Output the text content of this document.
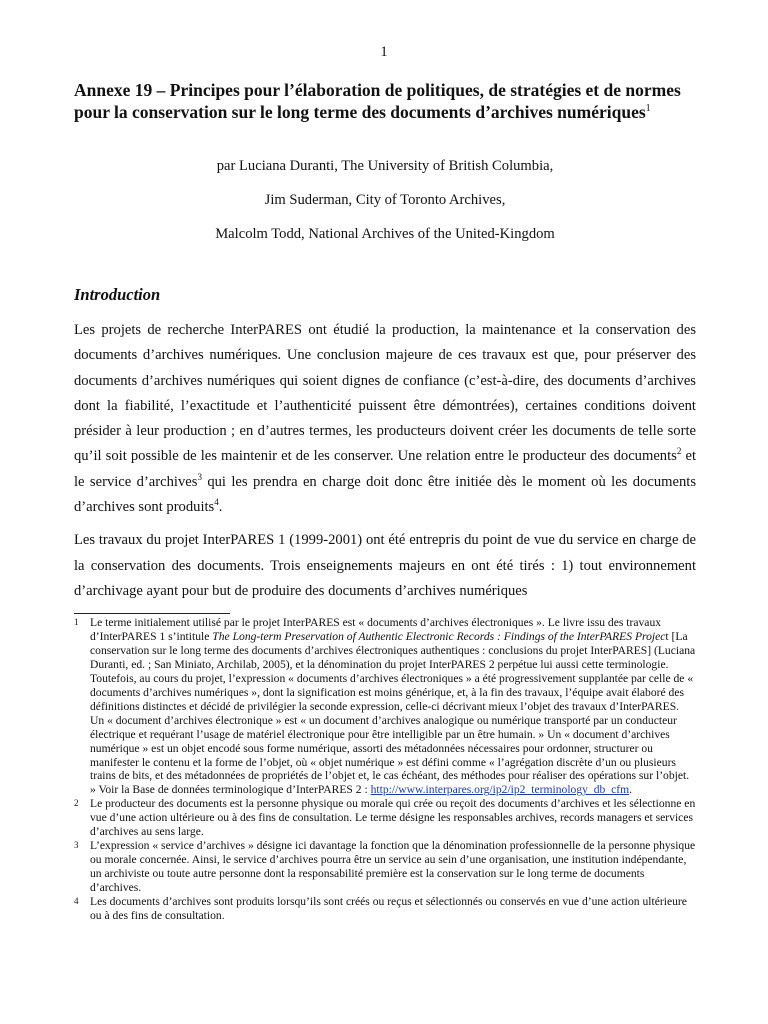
1
Annexe 19 – Principes pour l’élaboration de politiques, de stratégies et de normes pour la conservation sur le long terme des documents d’archives numériques$^1$
par Luciana Duranti, The University of British Columbia,
Jim Suderman, City of Toronto Archives,
Malcolm Todd, National Archives of the United-Kingdom
Introduction

Les projets de recherche InterPARES ont étudié la production, la maintenance et la conservation des documents d’archives numériques. Une conclusion majeure de ces travaux est que, pour préserver des documents d’archives numériques qui soient dignes de confiance (c’est-à-dire, des documents d’archives dont la fiabilité, l’exactitude et l’authenticité puissent être démontrées), certaines conditions doivent présider à leur production ; en d’autres termes, les producteurs doivent créer les documents de telle sorte qu’il soit possible de les maintenir et de les conserver. Une relation entre le producteur des documents$^2$ et le service d’archives$^3$ qui les prendra en charge doit donc être initiée dès le moment où les documents d’archives sont produits$^4$.

Les travaux du projet InterPARES 1 (1999-2001) ont été entrepris du point de vue du service en charge de la conservation des documents. Trois enseignements majeurs en ont été tirés : 1) tout environnement d’archivage ayant pour but de produire des documents d’archives numériques

1 Le terme initialement utilisé par le projet InterPARES est « documents d’archives électroniques ». Le livre issu des travaux d’InterPARES 1 s’intitule The Long-term Preservation of Authentic Electronic Records : Findings of the InterPARES Project [La conservation sur le long terme des documents d’archives électroniques authentiques : conclusions du projet InterPARES] (Luciana Duranti, ed. ; San Miniato, Archilab, 2005), et la dénomination du projet InterPARES 2 perpétue lui aussi cette terminologie. Toutefois, au cours du projet, l’expression « documents d’archives électroniques » a été progressivement supplantée par celle de « documents d’archives numériques », dont la signification est moins générique, et, à la fin des travaux, l’équipe avait élaboré des définitions distinctes et décidé de privilégier la seconde expression, celle-ci décrivant mieux l’objet des travaux d’InterPARES. Un « document d’archives électronique » est « un document d’archives analogique ou numérique transporté par un conducteur électrique et requérant l’usage de matériel électronique pour être intelligible par un être humain. » Un « document d’archives numérique » est un objet encodé sous forme numérique, assorti des métadonnées nécessaires pour ordonner, structurer ou manifester le contenu et la forme de l’objet, où « objet numérique » est défini comme « l’agrégation discrète d’un ou plusieurs trains de bits, et des métadonnées de propriétés de l’objet et, le cas échéant, des méthodes pour réaliser des opérations sur l’objet. » Voir la Base de données terminologique d’InterPARES 2 : http://www.interpares.org/ip2/ip2_terminology_db_cfm.
2 Le producteur des documents est la personne physique ou morale qui crée ou reçoit des documents d’archives et les sélectionne en vue d’une action ultérieure ou à des fins de consultation. Le terme désigne les responsables archives, records managers et services d’archives au sens large.
3 L’expression « service d’archives » désigne ici davantage la fonction que la dénomination professionnelle de la personne physique ou morale concernée. Ainsi, le service d’archives pourra être un service au sein d’une organisation, une institution indépendante, un archiviste ou toute autre personne dont la responsabilité première est la conservation sur le long terme de documents d’archives.
4 Les documents d’archives sont produits lorsqu’ils sont créés ou reçus et sélectionnés ou conservés en vue d’une action ultérieure ou à des fins de consultation.
